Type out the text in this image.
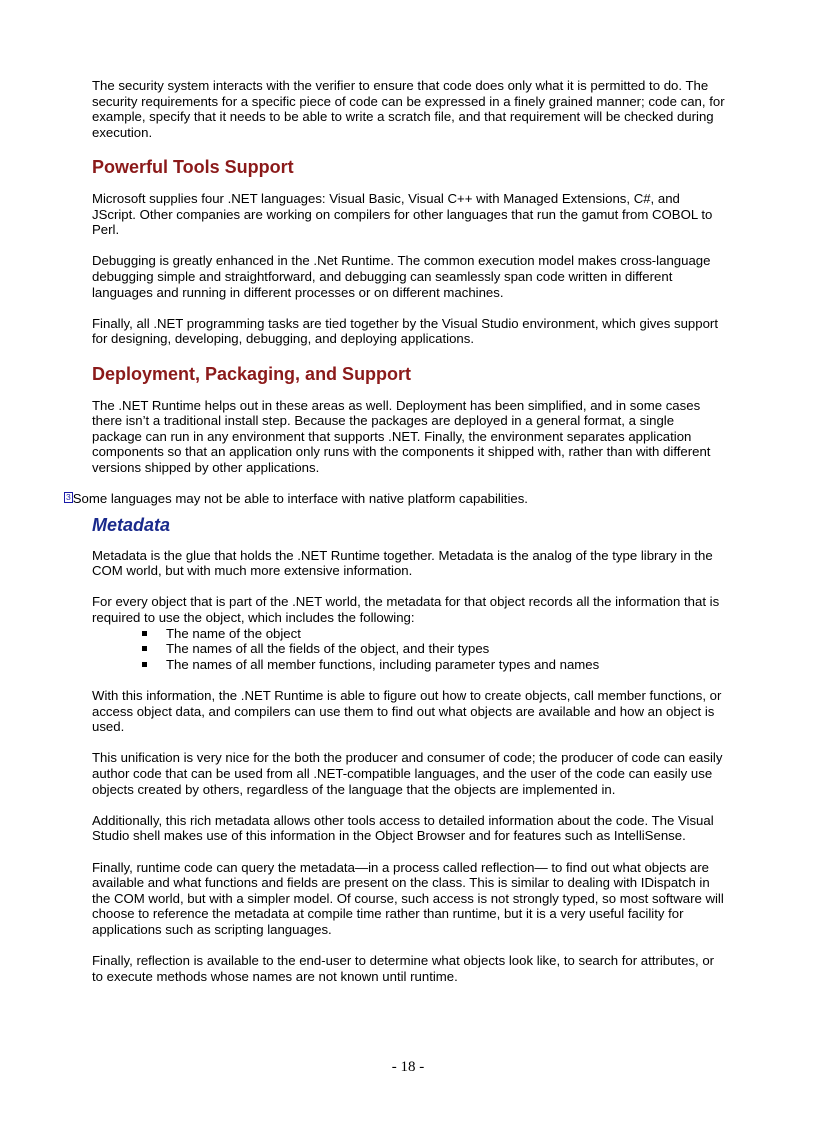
The security system interacts with the verifier to ensure that code does only what it is permitted to do. The security requirements for a specific piece of code can be expressed in a finely grained manner; code can, for example, specify that it needs to be able to write a scratch file, and that requirement will be checked during execution.

Powerful Tools Support

Microsoft supplies four .NET languages: Visual Basic, Visual C++ with Managed Extensions, C#, and JScript. Other companies are working on compilers for other languages that run the gamut from COBOL to Perl.

Debugging is greatly enhanced in the .Net Runtime. The common execution model makes cross-language debugging simple and straightforward, and debugging can seamlessly span code written in different languages and running in different processes or on different machines.

Finally, all .NET programming tasks are tied together by the Visual Studio environment, which gives support for designing, developing, debugging, and deploying applications.

Deployment, Packaging, and Support

The .NET Runtime helps out in these areas as well. Deployment has been simplified, and in some cases there isn’t a traditional install step. Because the packages are deployed in a general format, a single package can run in any environment that supports .NET. Finally, the environment separates application components so that an application only runs with the components it shipped with, rather than with different versions shipped by other applications.

3 Some languages may not be able to interface with native platform capabilities.

Metadata

Metadata is the glue that holds the .NET Runtime together. Metadata is the analog of the type library in the COM world, but with much more extensive information.

For every object that is part of the .NET world, the metadata for that object records all the information that is required to use the object, which includes the following:

The name of the object
The names of all the fields of the object, and their types
The names of all member functions, including parameter types and names

With this information, the .NET Runtime is able to figure out how to create objects, call member functions, or access object data, and compilers can use them to find out what objects are available and how an object is used.

This unification is very nice for the both the producer and consumer of code; the producer of code can easily author code that can be used from all .NET-compatible languages, and the user of the code can easily use objects created by others, regardless of the language that the objects are implemented in.

Additionally, this rich metadata allows other tools access to detailed information about the code. The Visual Studio shell makes use of this information in the Object Browser and for features such as IntelliSense.

Finally, runtime code can query the metadata—in a process called reflection— to find out what objects are available and what functions and fields are present on the class. This is similar to dealing with IDispatch in the COM world, but with a simpler model. Of course, such access is not strongly typed, so most software will choose to reference the metadata at compile time rather than runtime, but it is a very useful facility for applications such as scripting languages.

Finally, reflection is available to the end-user to determine what objects look like, to search for attributes, or to execute methods whose names are not known until runtime.

- 18 -
